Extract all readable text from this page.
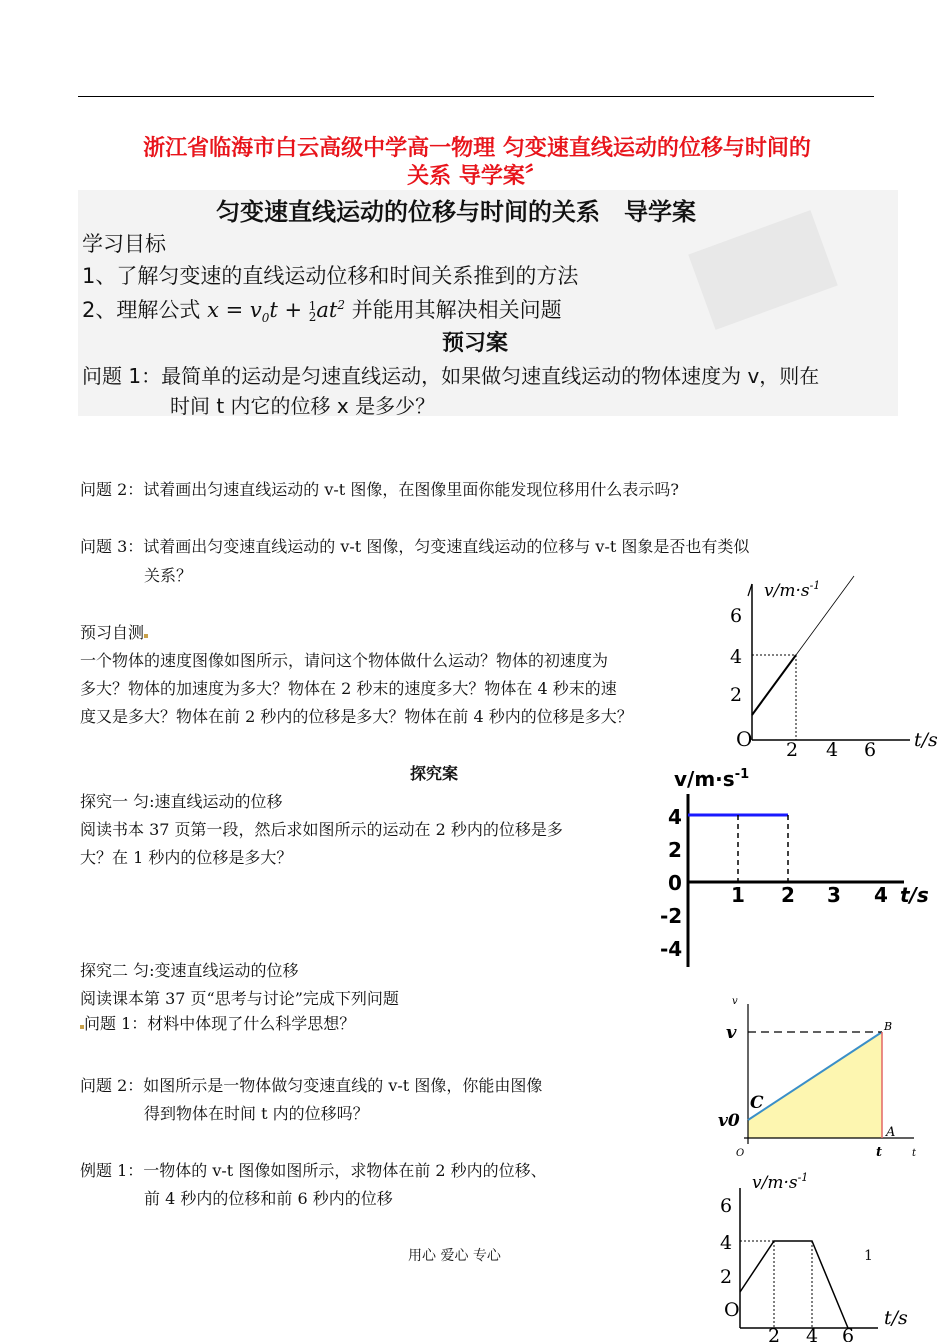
浙江省临海市白云高级中学高一物理 匀变速直线运动的位移与时间的
关系 导学案〞
匀变速直线运动的位移与时间的关系　导学案
学习目标
1、了解匀变速的直线运动位移和时间关系推到的方法
2、理解公式 $x = v_0t + 1$
$2at^2$ 并能用其解决相关问题
预习案
问题 1：最简单的运动是匀速直线运动，如果做匀速直线运动的物体速度为 v，则在
时间 t 内它的位移 x 是多少？
问题 2：试着画出匀速直线运动的 v-t 图像，在图像里面你能发现位移用什么表示吗?
问题 3：试着画出匀变速直线运动的 v-t 图像，匀变速直线运动的位移与 v-t 图象是否也有类似
关系？
预习自测
一个物体的速度图像如图所示，请问这个物体做什么运动？物体的初速度为
多大？物体的加速度为多大？物体在 2 秒末的速度多大？物体在 4 秒末的速
度又是多大？物体在前 2 秒内的位移是多大？物体在前 4 秒内的位移是多大？
探究案
探究一 匀:速直线运动的位移
阅读书本 37 页第一段，然后求如图所示的运动在 2 秒内的位移是多
大？在 1 秒内的位移是多大？
探究二 匀:变速直线运动的位移
阅读课本第 37 页“思考与讨论”完成下列问题
问题 1：材料中体现了什么科学思想？
问题 2：如图所示是一物体做匀变速直线的 v-t 图像，你能由图像
得到物体在时间 t 内的位移吗？
例题 1：一物体的 v-t 图像如图所示，求物体在前 2 秒内的位移、
前 4 秒内的位移和前 6 秒内的位移
用心 爱心 专心	1
$v/m\cdot s^{-1}$
6
4
2
O 2 4 6 t/s
$v/m\cdot s^{-1}$
4
2
0
-2
-4
1 2 3 4 t/s
v
v
v0
C
B
A
t	t
O
$v/m\cdot s^{-1}$
6
4
2
O
2 4 6
t/s
